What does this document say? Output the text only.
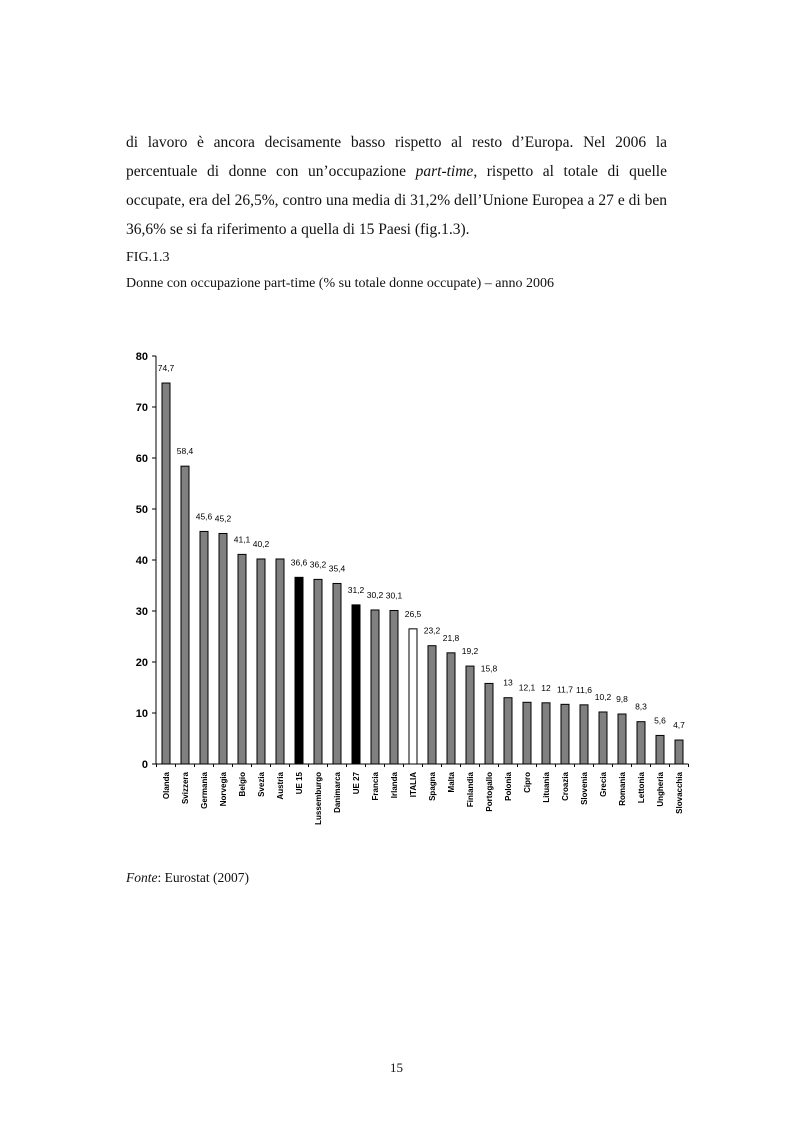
di lavoro è ancora decisamente basso rispetto al resto d’Europa. Nel 2006 la percentuale di donne con un’occupazione part-time, rispetto al totale di quelle occupate, era del 26,5%, contro una media di 31,2% dell’Unione Europea a 27 e di ben 36,6% se si fa riferimento a quella di 15 Paesi (fig.1.3).

FIG.1.3
Donne con occupazione part-time (% su totale donne occupate) – anno 2006
0
10
20
30
40
50
60
70
80
74,7
58,4
45,6 45,2
41,1 40,2
36,6 36,2 35,4
31,2
30,2 30,1
26,5
23,2
21,8
19,2
15,8
13 12,1 12 11,7 11,6
10,2 9,8
8,3
5,6 4,7
Olanda Svizzera Germania Norvegia Belgio Svezia Austria UE 15 Lussemburgo Danimarca UE 27 Francia Irlanda ITALIA Spagna Malta Finlandia Portogallo Polonia Cipro Lituania Croazia Slovenia Grecia Romania Lettonia Ungheria Slovacchia
Fonte: Eurostat (2007)
15
